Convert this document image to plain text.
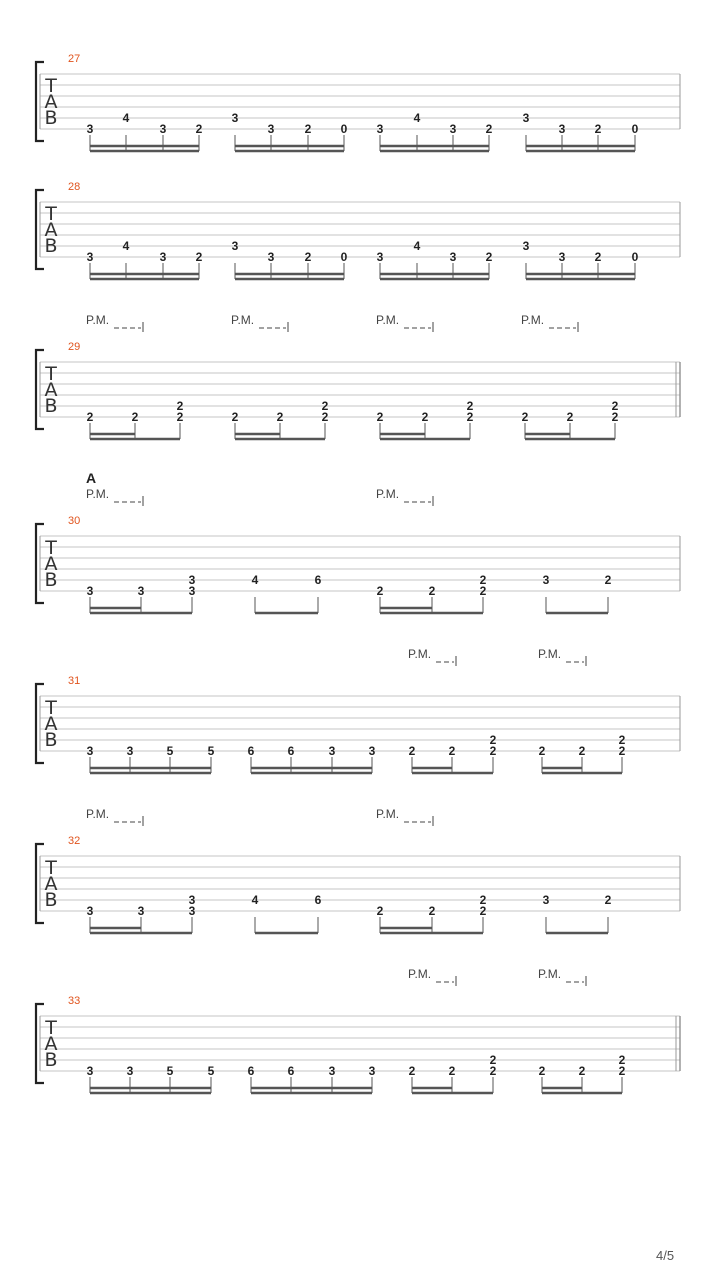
T
A
B
27
3
4
3 2
3
3	2 0 3
4
3 2
3
3 2	0
T
A
B
28
3
4
3 2
3
3	2 0 3
4
3 2
3
3 2	0
T
A
B
29
P.M.	P.M.	P.M.	P.M.
2	2
2
2	2	2
2
2	2	2
2
2	2	2
2
2
T
A
B
30
A
P.M.	P.M.
3	3
3
3
4	6
2	2
2
2
3	2
T
A
B
31
P.M.	P.M.
3	3	5	5	6	6	3	3	2	2
2
2	2	2
2
2
T
A
B
32
P.M.	P.M.
3	3
3
3
4	6
2	2
2
2
3	2
T
A
B
33
P.M.	P.M.
3	3	5	5	6	6	3	3	2	2
2
2	2	2
2
2
4/5
